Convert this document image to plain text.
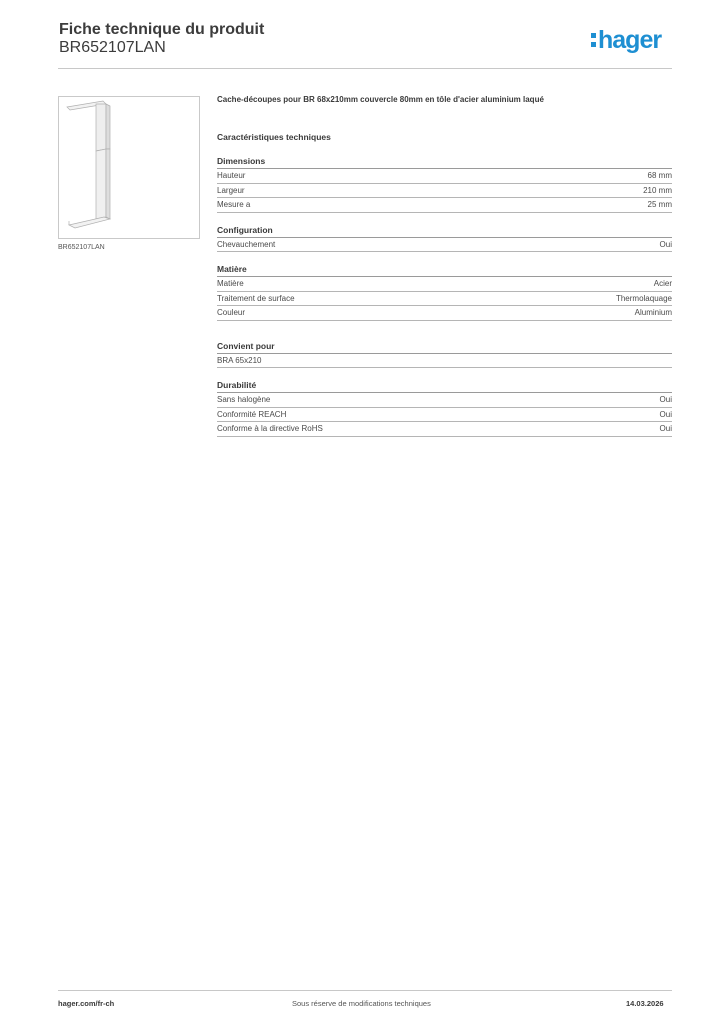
Fiche technique du produit
BR652107LAN	hager
BR652107LAN

Cache-découpes pour BR 68x210mm couvercle 80mm en tôle d'acier aluminium laqué

Caractéristiques techniques

Dimensions

Hauteur	68 mm
Largeur	210 mm
Mesure a	25 mm

Configuration

Chevauchement	Oui

Matière

Matière	Acier
Traitement de surface	Thermolaquage
Couleur	Aluminium

Convient pour

BRA 65x210

Durabilité

Sans halogène	Oui
Conformité REACH	Oui
Conforme à la directive RoHS	Oui
hager.com/fr-ch	Sous réserve de modifications techniques	14.03.2026
